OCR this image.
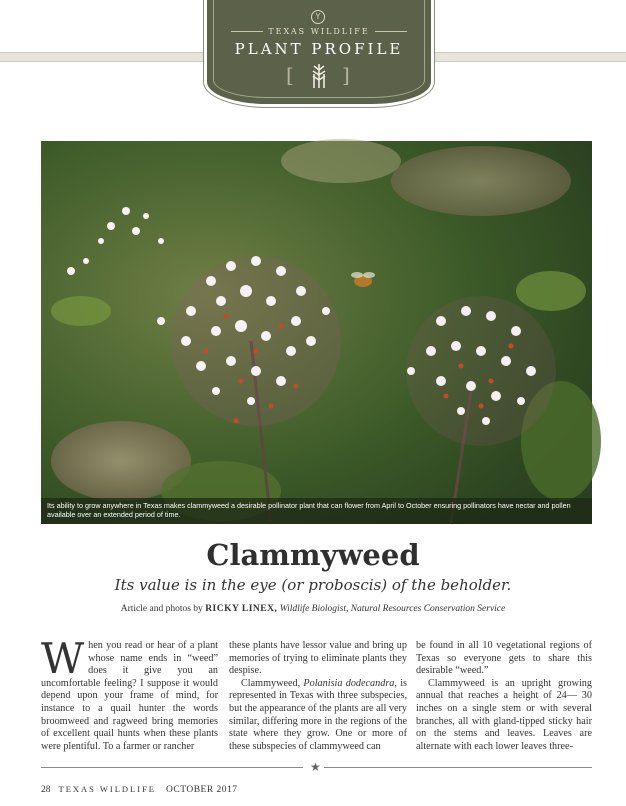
Y
TEXAS WILDLIFE
PLANT PROFILE
[ ]
Its ability to grow anywhere in Texas makes clammyweed a desirable pollinator plant that can flower from April to October ensuring pollinators have nectar and pollen available over an extended period of time.
Clammyweed
Its value is in the eye (or proboscis) of the beholder.
Article and photos by RICKY LINEX, Wildlife Biologist, Natural Resources Conservation Service

When you read or hear of a plant whose name ends in “weed” does it give you an uncomfortable feeling? I suppose it would depend upon your frame of mind, for instance to a quail hunter the words broomweed and ragweed bring memories of excellent quail hunts when these plants were plentiful. To a farmer or rancher

these plants have lessor value and bring up memories of trying to eliminate plants they despise.

Clammyweed, Polanisia dodecandra, is represented in Texas with three subspecies, but the appearance of the plants are all very similar, differing more in the regions of the state where they grow. One or more of these subspecies of clammyweed can

be found in all 10 vegetational regions of Texas so everyone gets to share this desirable “weed.”

Clammyweed is an upright growing annual that reaches a height of 24— 30 inches on a single stem or with several branches, all with gland-tipped sticky hair on the stems and leaves. Leaves are alternate with each lower leaves three-

★
28 TEXAS WILDLIFE OCTOBER 2017
